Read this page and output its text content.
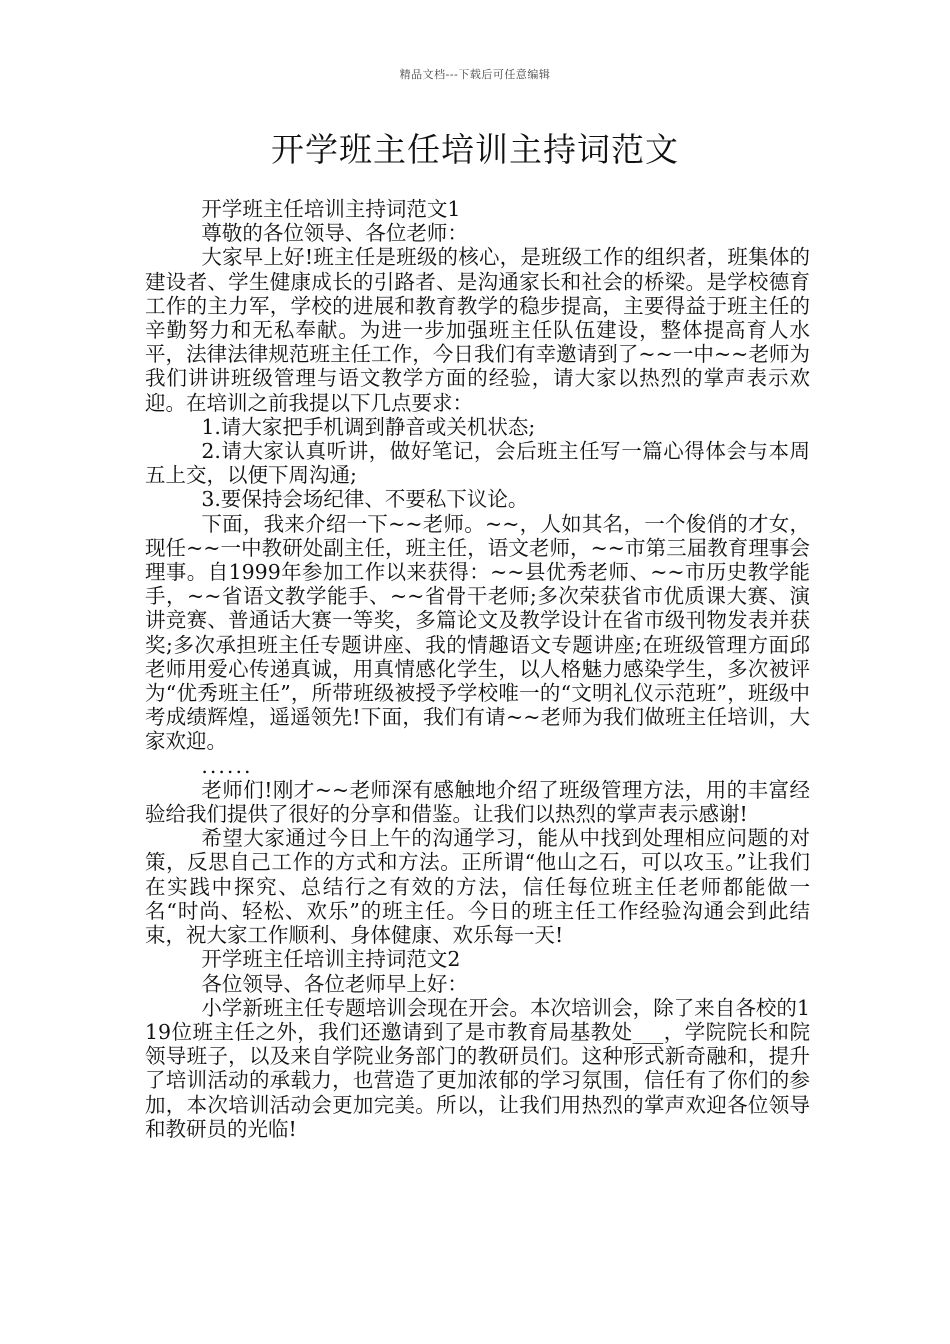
精品文档---下载后可任意编辑
开学班主任培训主持词范文

开学班主任培训主持词范文1

尊敬的各位领导、各位老师：

大家早上好!班主任是班级的核心，是班级工作的组织者，班集体的建设者、学生健康成长的引路者、是沟通家长和社会的桥梁。是学校德育工作的主力军，学校的进展和教育教学的稳步提高，主要得益于班主任的辛勤努力和无私奉献。为进一步加强班主任队伍建设，整体提高育人水平，法律法律规范班主任工作，今日我们有幸邀请到了~~一中~~老师为我们讲讲班级管理与语文教学方面的经验，请大家以热烈的掌声表示欢迎。在培训之前我提以下几点要求：

1.请大家把手机调到静音或关机状态;

2.请大家认真听讲，做好笔记，会后班主任写一篇心得体会与本周五上交，以便下周沟通;

3.要保持会场纪律、不要私下议论。

下面，我来介绍一下~~老师。~~，人如其名，一个俊俏的才女，现任~~一中教研处副主任，班主任，语文老师，~~市第三届教育理事会理事。自1999年参加工作以来获得：~~县优秀老师、~~市历史教学能手，~~省语文教学能手、~~省骨干老师;多次荣获省市优质课大赛、演讲竞赛、普通话大赛一等奖，多篇论文及教学设计在省市级刊物发表并获奖;多次承担班主任专题讲座、我的情趣语文专题讲座;在班级管理方面邱老师用爱心传递真诚，用真情感化学生，以人格魅力感染学生，多次被评为“优秀班主任”，所带班级被授予学校唯一的“文明礼仪示范班”，班级中考成绩辉煌，遥遥领先!下面，我们有请~~老师为我们做班主任培训，大家欢迎。

......

老师们!刚才~~老师深有感触地介绍了班级管理方法，用的丰富经验给我们提供了很好的分享和借鉴。让我们以热烈的掌声表示感谢!

希望大家通过今日上午的沟通学习，能从中找到处理相应问题的对策，反思自己工作的方式和方法。正所谓“他山之石，可以攻玉。”让我们在实践中探究、总结行之有效的方法，信任每位班主任老师都能做一名“时尚、轻松、欢乐”的班主任。今日的班主任工作经验沟通会到此结束，祝大家工作顺利、身体健康、欢乐每一天!

开学班主任培训主持词范文2

各位领导、各位老师早上好：

小学新班主任专题培训会现在开会。本次培训会，除了来自各校的119位班主任之外，我们还邀请到了是市教育局基教处___，学院院长和院领导班子，以及来自学院业务部门的教研员们。这种形式新奇融和，提升了培训活动的承载力，也营造了更加浓郁的学习氛围，信任有了你们的参加，本次培训活动会更加完美。所以，让我们用热烈的掌声欢迎各位领导和教研员的光临!
